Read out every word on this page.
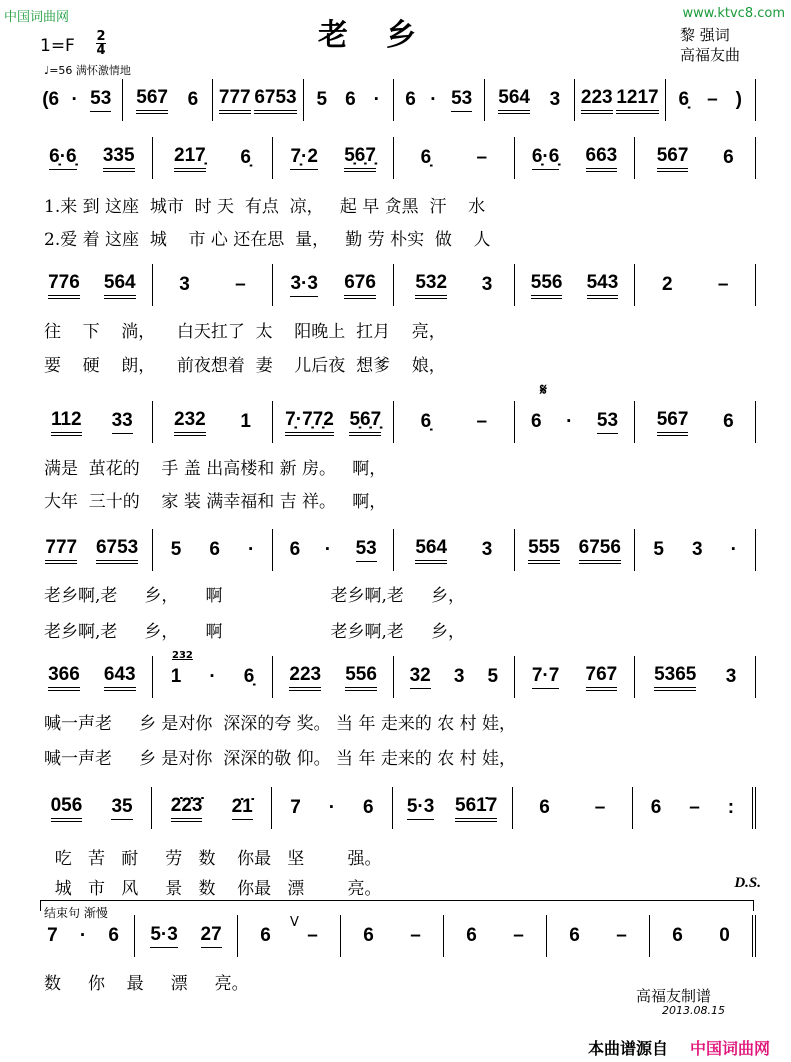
中国词曲网	www.ktvc8.com
老乡
1=F 2
4
♩=56 满怀激情地
黎 强词
高福友曲
𝄋
V
(6 · 53 567 6 777 6753 5 6 · 6 · 53 564 3 223 1217 6̣ – )
6̣·6̣ 335 217̣ 6̣ 7̣·2 5̣6̣7̣ 6̣ – 6̣·6̣ 663 567 6
776 564 3 – 3·3 676 532 3 556 543 2 –
112 33 232 1 7̣·7̣7̣2 5̣6̣7̣ 6̣ – 6 · 53 567 6
777 6753 5 6 · 6 · 53 564 3 555 6756 5 3 ·
366 643 1 · 6̣ 223 556 32 3 5 7·7 767 5365 3
232
056 35 2̇2̇3̇ 2̇1̇ 7 · 6 5·3 561̇7 6 – 6 – :
7 · 6 5·3 27 6 – 6 – 6 – 6 – 6 0
1.来 到 这座  城市  时 天  有点  凉，   起 早 贪黑  汗    水
2.爱 着 这座  城    市 心 还在思  量，   勤 劳 朴实  做    人
往    下    淌，    白天扛了  太    阳晚上  扛月    亮，
要    硬    朗，    前夜想着  妻    儿后夜  想爹    娘，
满是  茧花的    手 盖 出高楼和 新 房。   啊，
大年  三十的    家 装 满幸福和 吉 祥。   啊，
老乡啊,老     乡，     啊                    老乡啊,老     乡，
老乡啊,老     乡，     啊                    老乡啊,老     乡，
喊一声老     乡 是对你  深深的夸 奖。 当 年 走来的 农 村 娃，
喊一声老     乡 是对你  深深的敬 仰。 当 年 走来的 农 村 娃，
吃   苦   耐     劳   数    你最   坚        强。
城   市   风     景   数    你最   漂        亮。
数     你    最     漂     亮。
D.S.
结束句 渐慢
高福友制谱
2013.08.15
本曲谱源自 中国词曲网
